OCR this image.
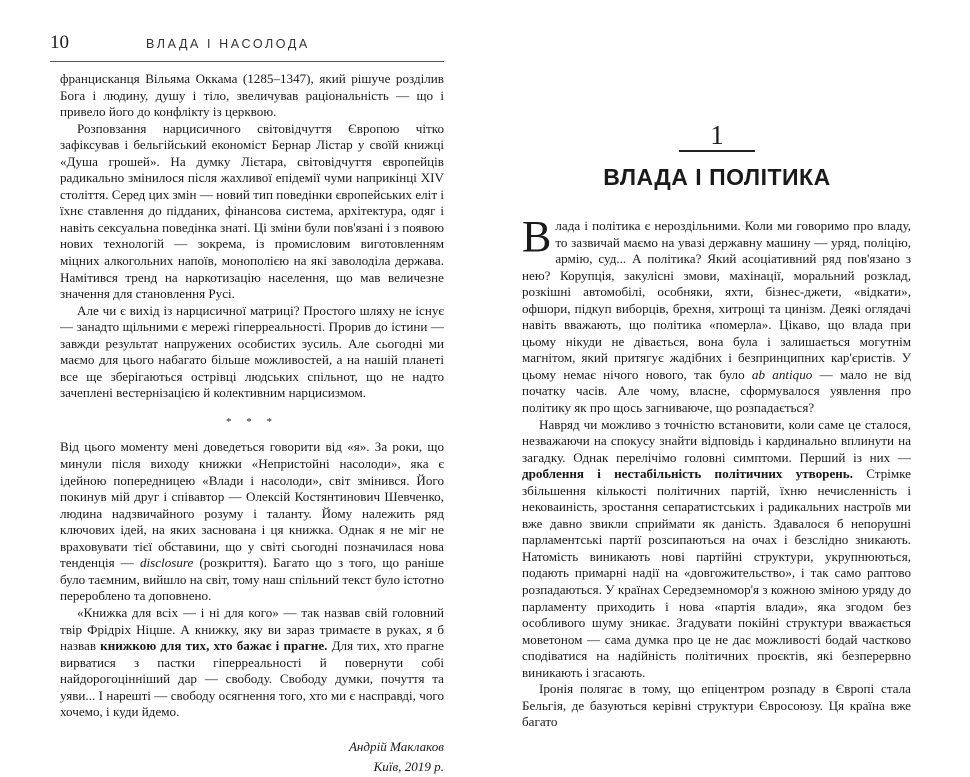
10	ВЛАДА І НАСОЛОДА

францисканця Вільяма Оккама (1285–1347), який рішуче розділив Бога і людину, душу і тіло, звеличував раціональність — що і привело його до конфлікту із церквою.

Розповзання нарцисичного світовідчуття Європою чітко зафіксував і бельгійський економіст Бернар Лістар у своїй книжці «Душа грошей». На думку Лієтара, світовідчуття європейців радикально змінилося після жахливої епідемії чуми наприкінці XIV століття. Серед цих змін — новий тип поведінки європейських еліт і їхнє ставлення до підданих, фінансова система, архітектура, одяг і навіть сексуальна поведінка знаті. Ці зміни були пов'язані і з появою нових технологій — зокрема, із промисловим виготовленням міцних алкогольних напоїв, монополією на які заволоділа держава. Намітився тренд на наркотизацію населення, що мав величезне значення для становлення Русі.

Але чи є вихід із нарцисичної матриці? Простого шляху не існує — занадто щільними є мережі гіперреальності. Прорив до істини — завжди результат напружених особистих зусиль. Але сьогодні ми маємо для цього набагато більше можливостей, а на нашій планеті все ще зберігаються острівці людських спільнот, що не надто зачеплені вестернізацією й колективним нарцисизмом.

* * *

Від цього моменту мені доведеться говорити від «я». За роки, що минули після виходу книжки «Непристойні насолоди», яка є ідейною попередницею «Влади і насолоди», світ змінився. Його покинув мій друг і співавтор — Олексій Костянтинович Шевченко, людина надзвичайного розуму і таланту. Йому належить ряд ключових ідей, на яких заснована і ця книжка. Однак я не міг не враховувати тієї обставини, що у світі сьогодні позначилася нова тенденція — disclosure (розкриття). Багато що з того, що раніше було таємним, вийшло на світ, тому наш спільний текст було істотно перероблено та доповнено.

«Книжка для всіх — і ні для кого» — так назвав свій головний твір Фрідріх Ніцше. А книжку, яку ви зараз тримаєте в руках, я б назвав книжкою для тих, хто бажає і прагне. Для тих, хто прагне вирватися з пастки гіперреальності й повернути собі найдорогоцінніший дар — свободу. Свободу думки, почуття та уяви... І нарешті — свободу осягнення того, хто ми є насправді, чого хочемо, і куди йдемо.

Андрій Маклаков
Київ, 2019 р.
1
ВЛАДА І ПОЛІТИКА

Влада і політика є нероздільними. Коли ми говоримо про владу, то зазвичай маємо на увазі державну машину — уряд, поліцію, армію, суд... А політика? Який асоціативний ряд пов'язано з нею? Корупція, закулісні змови, махінації, моральний розклад, розкішні автомобілі, особняки, яхти, бізнес-джети, «відкати», офшори, підкуп виборців, брехня, хитрощі та цинізм. Деякі оглядачі навіть вважають, що політика «померла». Цікаво, що влада при цьому нікуди не дівається, вона була і залишається могутнім магнітом, який притягує жадібних і безпринципних кар'єристів. У цьому немає нічого нового, так було ab antiquo — мало не від початку часів. Але чому, власне, сформувалося уявлення про політику як про щось загниваюче, що розпадається?

Навряд чи можливо з точністю встановити, коли саме це сталося, незважаючи на спокусу знайти відповідь і кардинально вплинути на загадку. Однак перелічімо головні симптоми. Перший із них — дроблення і нестабільність політичних утворень. Стрімке збільшення кількості політичних партій, їхню нечисленність і нековаиність, зростання сепаратистських і радикальних настроїв ми вже давно звикли сприймати як даність. Здавалося б непорушні парламентські партії розсипаються на очах і безслідно зникають. Натомість виникають нові партійні структури, укрупнюються, подають примарні надії на «довгожительство», і так само раптово розпадаються. У країнах Середземномор'я з кожною зміною уряду до парламенту приходить і нова «партія влади», яка згодом без особливого шуму зникає. Згадувати покійні структури вважається моветоном — сама думка про це не дає можливості бодай частково сподіватися на надійність політичних проєктів, які безперервно виникають і згасають.

Іронія полягає в тому, що епіцентром розпаду в Європі стала Бельгія, де базуються керівні структури Євросоюзу. Ця країна вже багато
